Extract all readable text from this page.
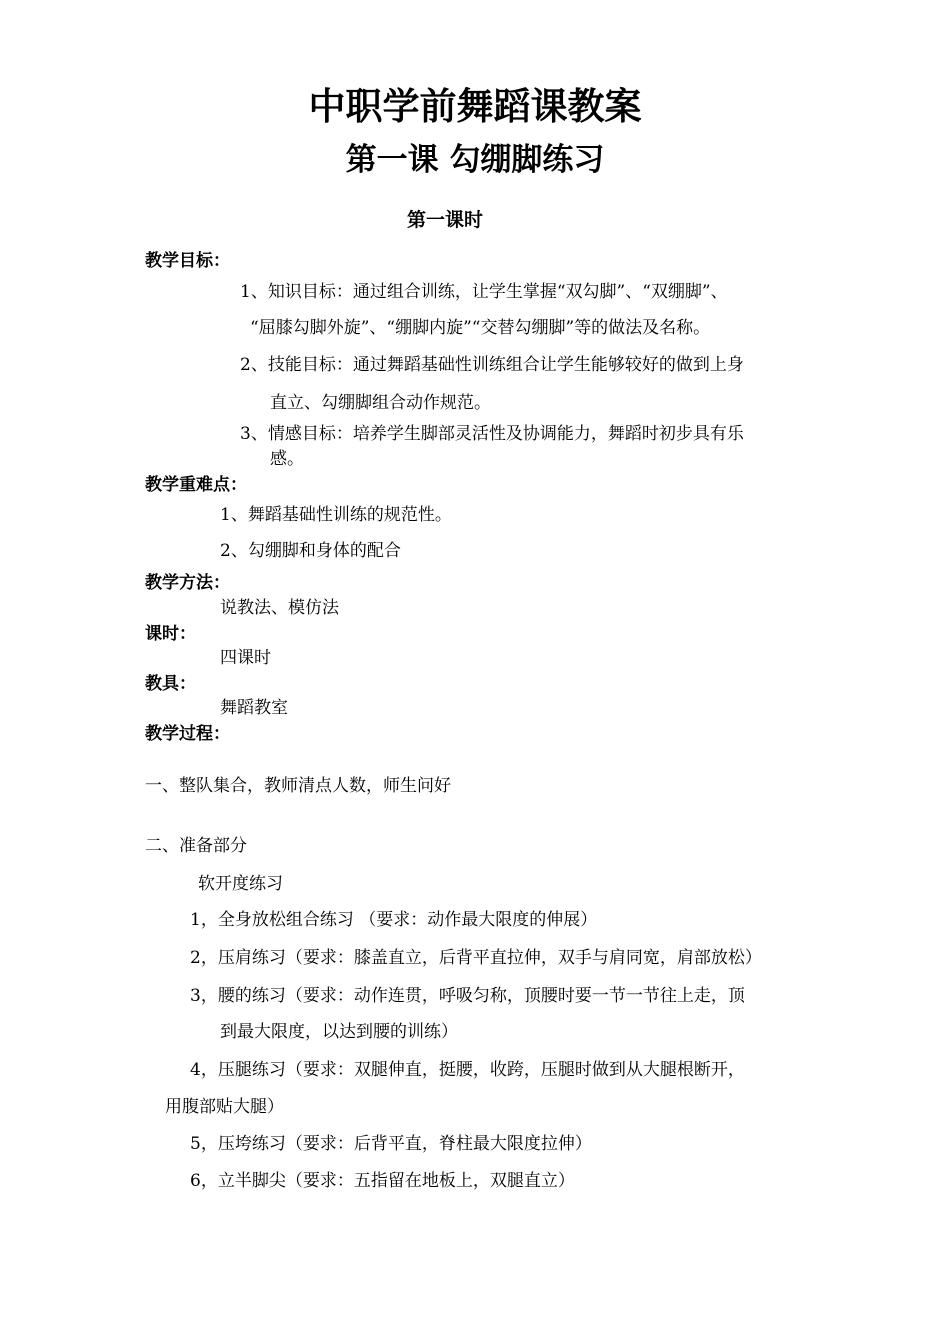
中职学前舞蹈课教案
第一课 勾绷脚练习
第一课时
教学目标：
1、知识目标：通过组合训练，让学生掌握“双勾脚”、“双绷脚”、
“屈膝勾脚外旋”、“绷脚内旋”“交替勾绷脚”等的做法及名称。
2、技能目标：通过舞蹈基础性训练组合让学生能够较好的做到上身
直立、勾绷脚组合动作规范。
3、情感目标：培养学生脚部灵活性及协调能力，舞蹈时初步具有乐
感。
教学重难点：
1、舞蹈基础性训练的规范性。
2、勾绷脚和身体的配合
教学方法：
说教法、模仿法
课时：
四课时
教具：
舞蹈教室
教学过程：
一、整队集合，教师清点人数，师生问好
二、准备部分
软开度练习
1，全身放松组合练习 （要求：动作最大限度的伸展）
2，压肩练习（要求：膝盖直立，后背平直拉伸，双手与肩同宽，肩部放松）
3，腰的练习（要求：动作连贯，呼吸匀称，顶腰时要一节一节往上走，顶
到最大限度，以达到腰的训练）
4，压腿练习（要求：双腿伸直，挺腰，收跨，压腿时做到从大腿根断开，
用腹部贴大腿）
5，压垮练习（要求：后背平直，脊柱最大限度拉伸）
6，立半脚尖（要求：五指留在地板上，双腿直立）
